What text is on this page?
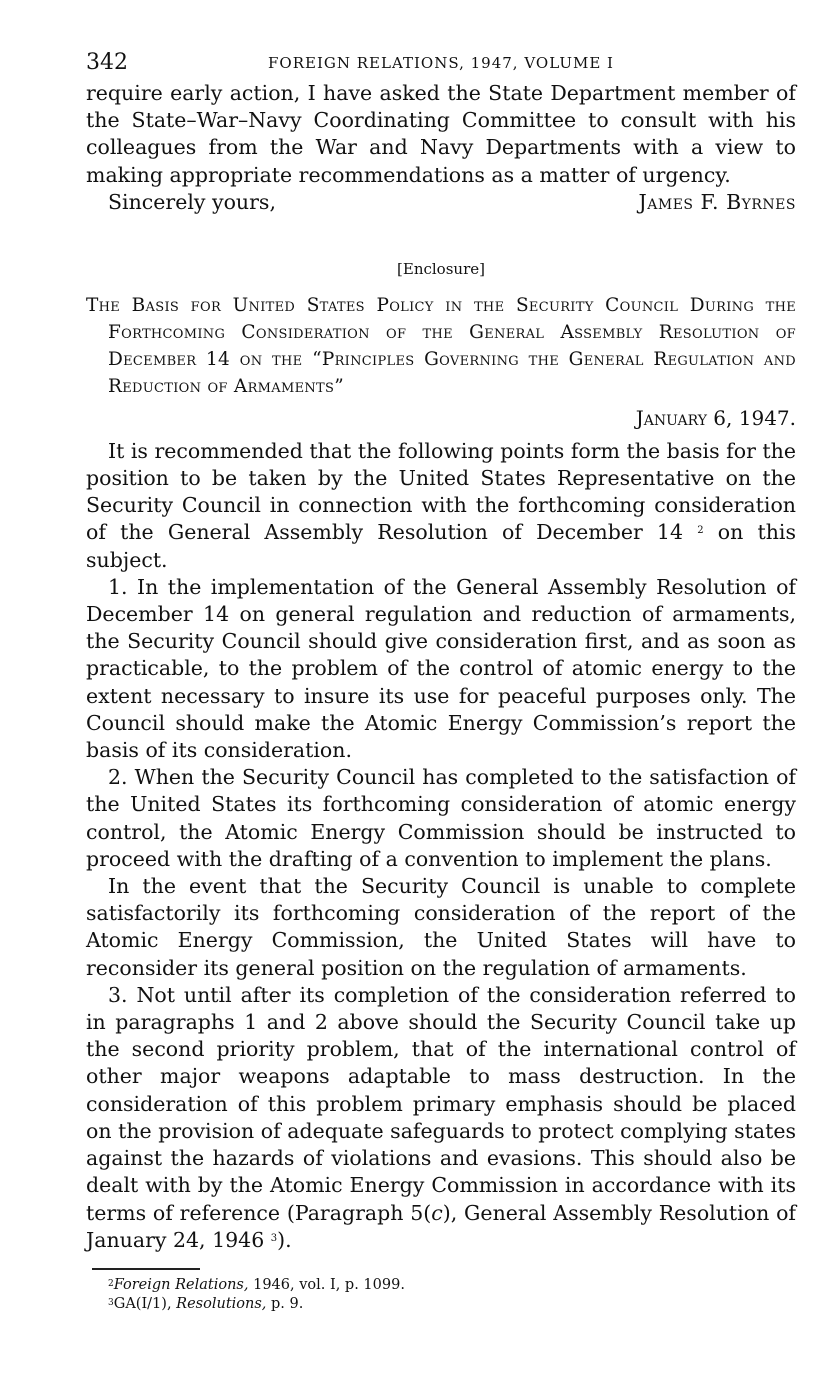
342	FOREIGN RELATIONS, 1947, VOLUME I

require early action, I have asked the State Department member of the State–War–Navy Coordinating Committee to consult with his colleagues from the War and Navy Departments with a view to making appropriate recommendations as a matter of urgency.

Sincerely yours,	James F. Byrnes
[Enclosure]
The Basis for United States Policy in the Security Council During the Forthcoming Consideration of the General Assembly Resolution of December 14 on the “Principles Governing the General Regulation and Reduction of Armaments”
January 6, 1947.

It is recommended that the following points form the basis for the position to be taken by the United States Representative on the Security Council in connection with the forthcoming consideration of the General Assembly Resolution of December 14 $^2$ on this subject.

1. In the implementation of the General Assembly Resolution of December 14 on general regulation and reduction of armaments, the Security Council should give consideration first, and as soon as practicable, to the problem of the control of atomic energy to the extent necessary to insure its use for peaceful purposes only. The Council should make the Atomic Energy Commission’s report the basis of its consideration.

2. When the Security Council has completed to the satisfaction of the United States its forthcoming consideration of atomic energy control, the Atomic Energy Commission should be instructed to proceed with the drafting of a convention to implement the plans.

In the event that the Security Council is unable to complete satisfactorily its forthcoming consideration of the report of the Atomic Energy Commission, the United States will have to reconsider its general position on the regulation of armaments.

3. Not until after its completion of the consideration referred to in paragraphs 1 and 2 above should the Security Council take up the second priority problem, that of the international control of other major weapons adaptable to mass destruction. In the consideration of this problem primary emphasis should be placed on the provision of adequate safeguards to protect complying states against the hazards of violations and evasions. This should also be dealt with by the Atomic Energy Commission in accordance with its terms of reference (Paragraph 5(c), General Assembly Resolution of January 24, 1946 $^3$).

$^2$Foreign Relations, 1946, vol. I, p. 1099.
$^3$GA(I/1), Resolutions, p. 9.
